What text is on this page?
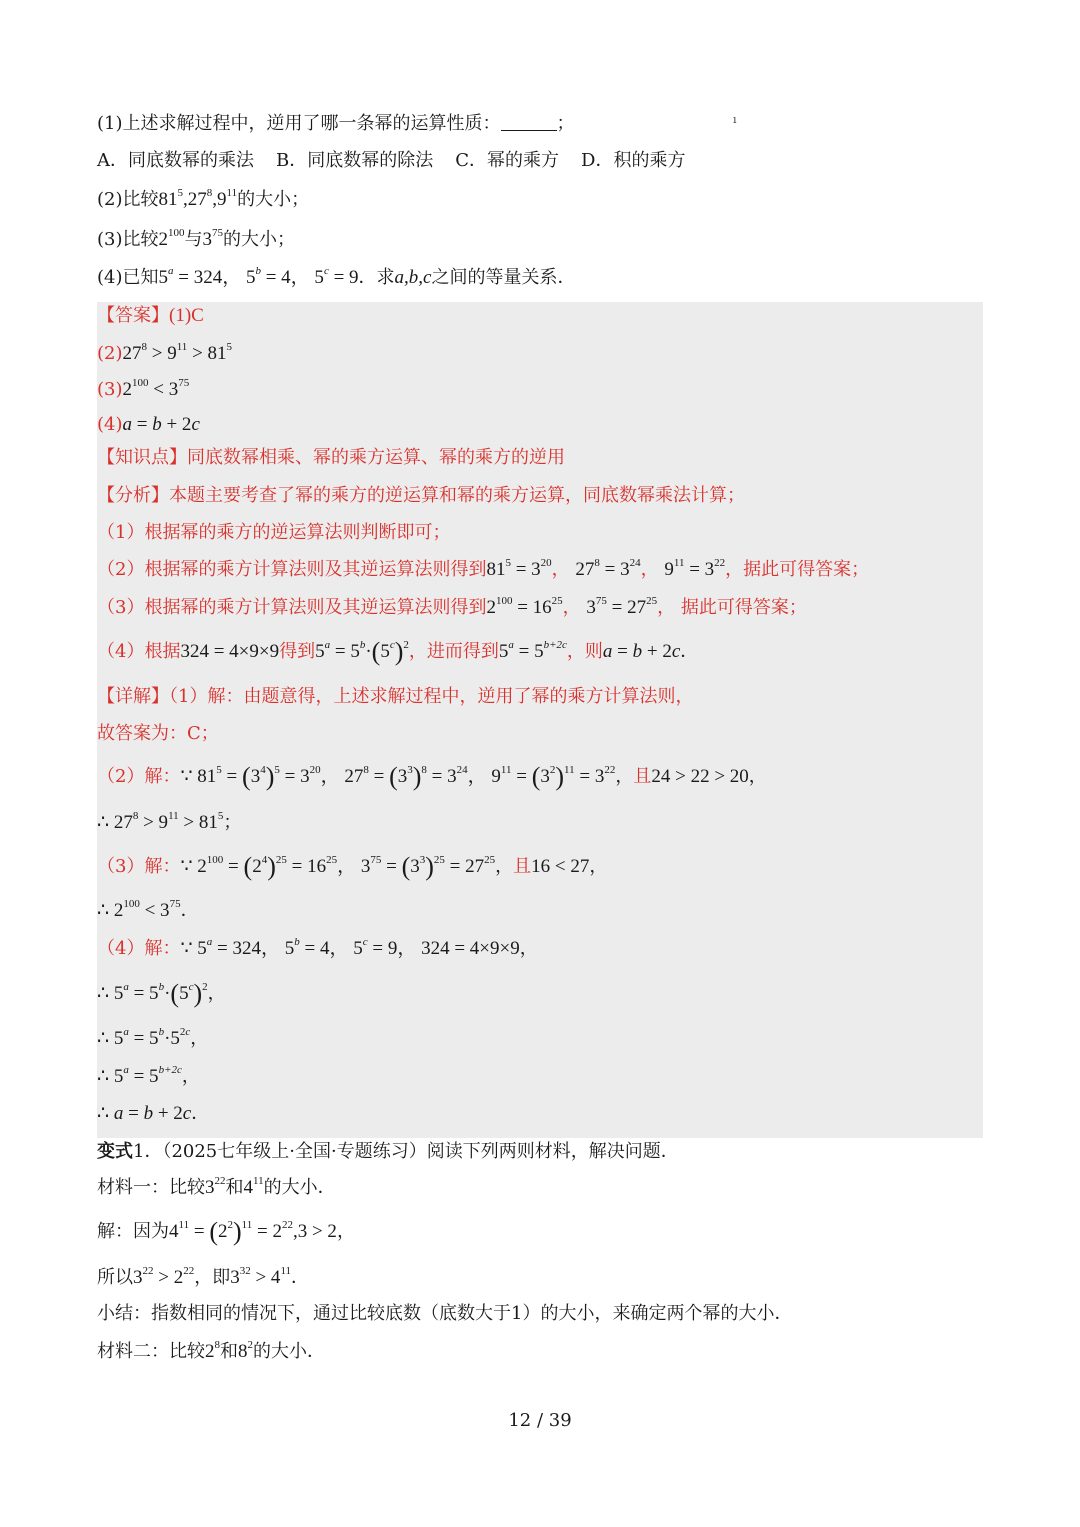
ı
(1)上述求解过程中，逆用了哪一条幂的运算性质：	；
A．同底数幂的乘法 B．同底数幂的除法 C．幂的乘方 D．积的乘方
(2)比较$81^5,27^8,9^{11}$的大小；
(3)比较$2^{100}$与$3^{75}$的大小；
(4)已知$5^a = 324$， $5^b = 4$， $5^c = 9$．求a,b,c之间的等量关系．
【答案】(1)C
$(2)27^8 > 9^{11} > 81^5$
$(3)2^{100} < 3^{75}$
(4)a = b + 2c
【知识点】同底数幂相乘、幂的乘方运算、幂的乘方的逆用
【分析】本题主要考查了幂的乘方的逆运算和幂的乘方运算，同底数幂乘法计算；
（1）根据幂的乘方的逆运算法则判断即可；
（2）根据幂的乘方计算法则及其逆运算法则得到$81^5 = 3^{20}$， $27^8 = 3^{24}$， $9^{11} = 3^{22}$，据此可得答案；
（3）根据幂的乘方计算法则及其逆运算法则得到$2^{100} = 16^{25}$， $3^{75} = 27^{25}$， 据此可得答案；
（4）根据324 = 4×9×9得到$5^a = 5^b\cdot(5^c)^2$，进而得到$5^a = 5^{b+2c}$，则a = b + 2c．
【详解】（1）解：由题意得，上述求解过程中，逆用了幂的乘方计算法则，
故答案为：C；
（2）解：∵ $81^5 = (3^4)^5 = 3^{20}$， $27^8 = (3^3)^8 = 3^{24}$， $9^{11} = (3^2)^{11} = 3^{22}$，且24 > 22 > 20，
∴ $27^8 > 9^{11} > 81^5$；
（3）解：∵ $2^{100} = (2^4)^{25} = 16^{25}$， $3^{75} = (3^3)^{25} = 27^{25}$，且16 < 27，
∴ $2^{100} < 3^{75}$．
（4）解：∵ $5^a = 324$， $5^b = 4$， $5^c = 9$， 324 = 4×9×9，
∴ $5^a = 5^b\cdot(5^c)^2$，
∴ $5^a = 5^b\cdot 5^{2c}$，
∴ $5^a = 5^{b+2c}$，
∴ a = b + 2c．
变式1．（2025七年级上·全国·专题练习）阅读下列两则材料，解决问题．
材料一：比较$3^{22}$和$4^{11}$的大小．
解：因为$4^{11} = (2^2)^{11} = 2^{22},3 > 2$，
所以$3^{22} > 2^{22}$，即$3^{32} > 4^{11}$．
小结：指数相同的情况下，通过比较底数（底数大于1）的大小，来确定两个幂的大小．
材料二：比较$2^8$和$8^2$的大小．
12 / 39
